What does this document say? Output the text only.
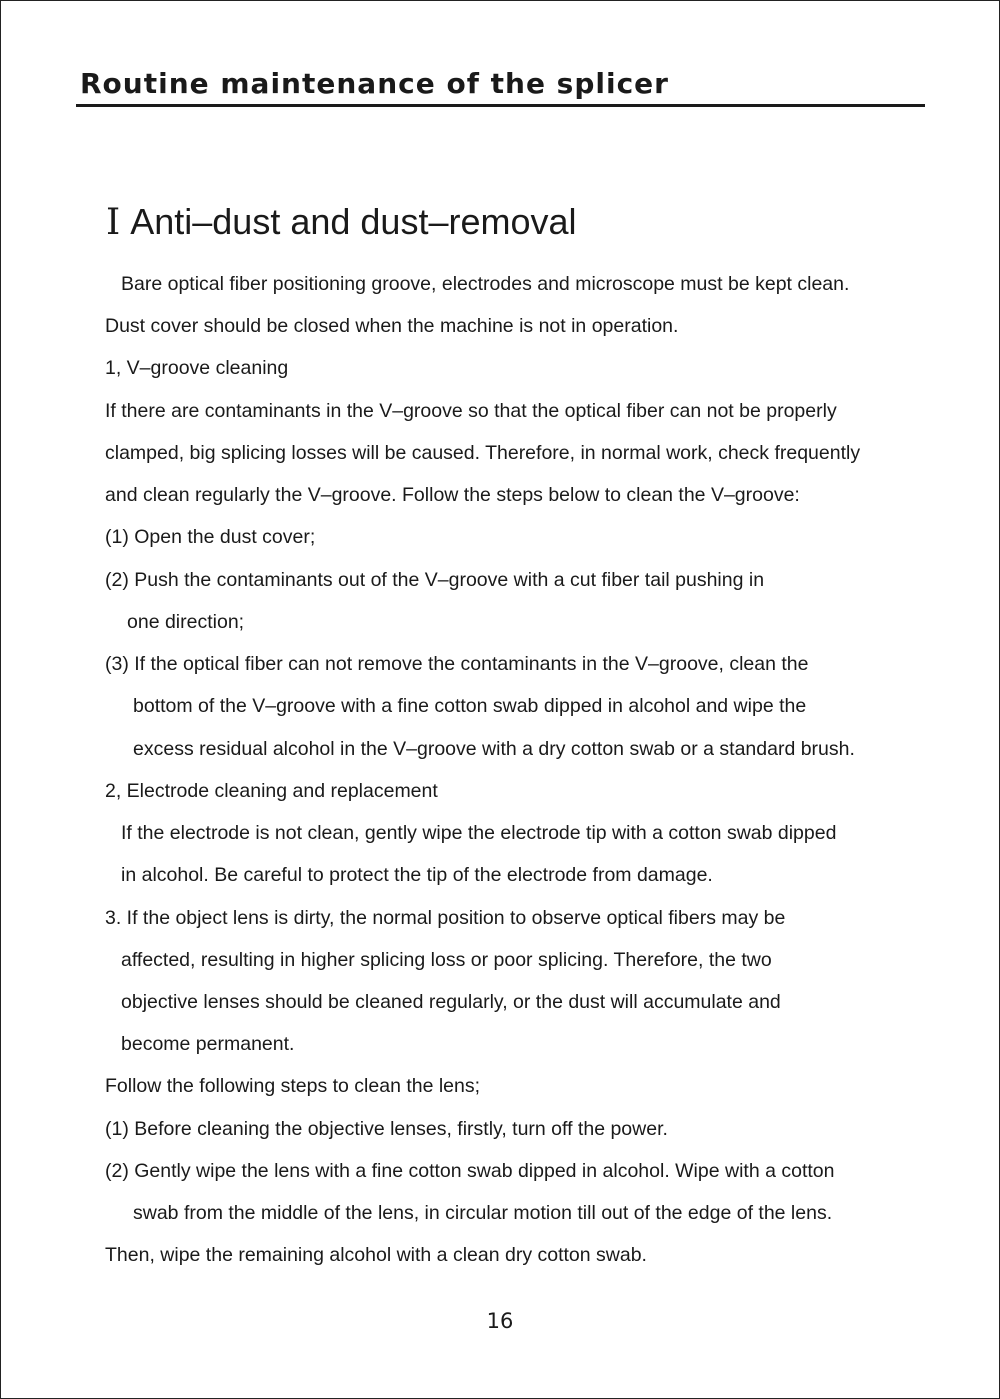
Routine maintenance of the splicer
Ⅰ Anti–dust and dust–removal
Bare optical fiber positioning groove, electrodes and microscope must be kept clean.
Dust cover should be closed when the machine is not in operation.
1, V–groove cleaning
If there are contaminants in the V–groove so that the optical fiber can not be properly
clamped, big splicing losses will be caused. Therefore, in normal work, check frequently
and clean regularly the V–groove. Follow the steps below to clean the V–groove:
(1) Open the dust cover;
(2) Push the contaminants out of the V–groove with a cut fiber tail pushing in
one direction;
(3) If the optical fiber can not remove the contaminants in the V–groove, clean the
bottom of the V–groove with a fine cotton swab dipped in alcohol and wipe the
excess residual alcohol in the V–groove with a dry cotton swab or a standard brush.
2, Electrode cleaning and replacement
If the electrode is not clean, gently wipe the electrode tip with a cotton swab dipped
in alcohol. Be careful to protect the tip of the electrode from damage.
3. If the object lens is dirty, the normal position to observe optical fibers may be
affected, resulting in higher splicing loss or poor splicing. Therefore, the two
objective lenses should be cleaned regularly, or the dust will accumulate and
become permanent.
Follow the following steps to clean the lens;
(1) Before cleaning the objective lenses, firstly, turn off the power.
(2) Gently wipe the lens with a fine cotton swab dipped in alcohol. Wipe with a cotton
swab from the middle of the lens, in circular motion till out of the edge of the lens.
Then, wipe the remaining alcohol with a clean dry cotton swab.
16
